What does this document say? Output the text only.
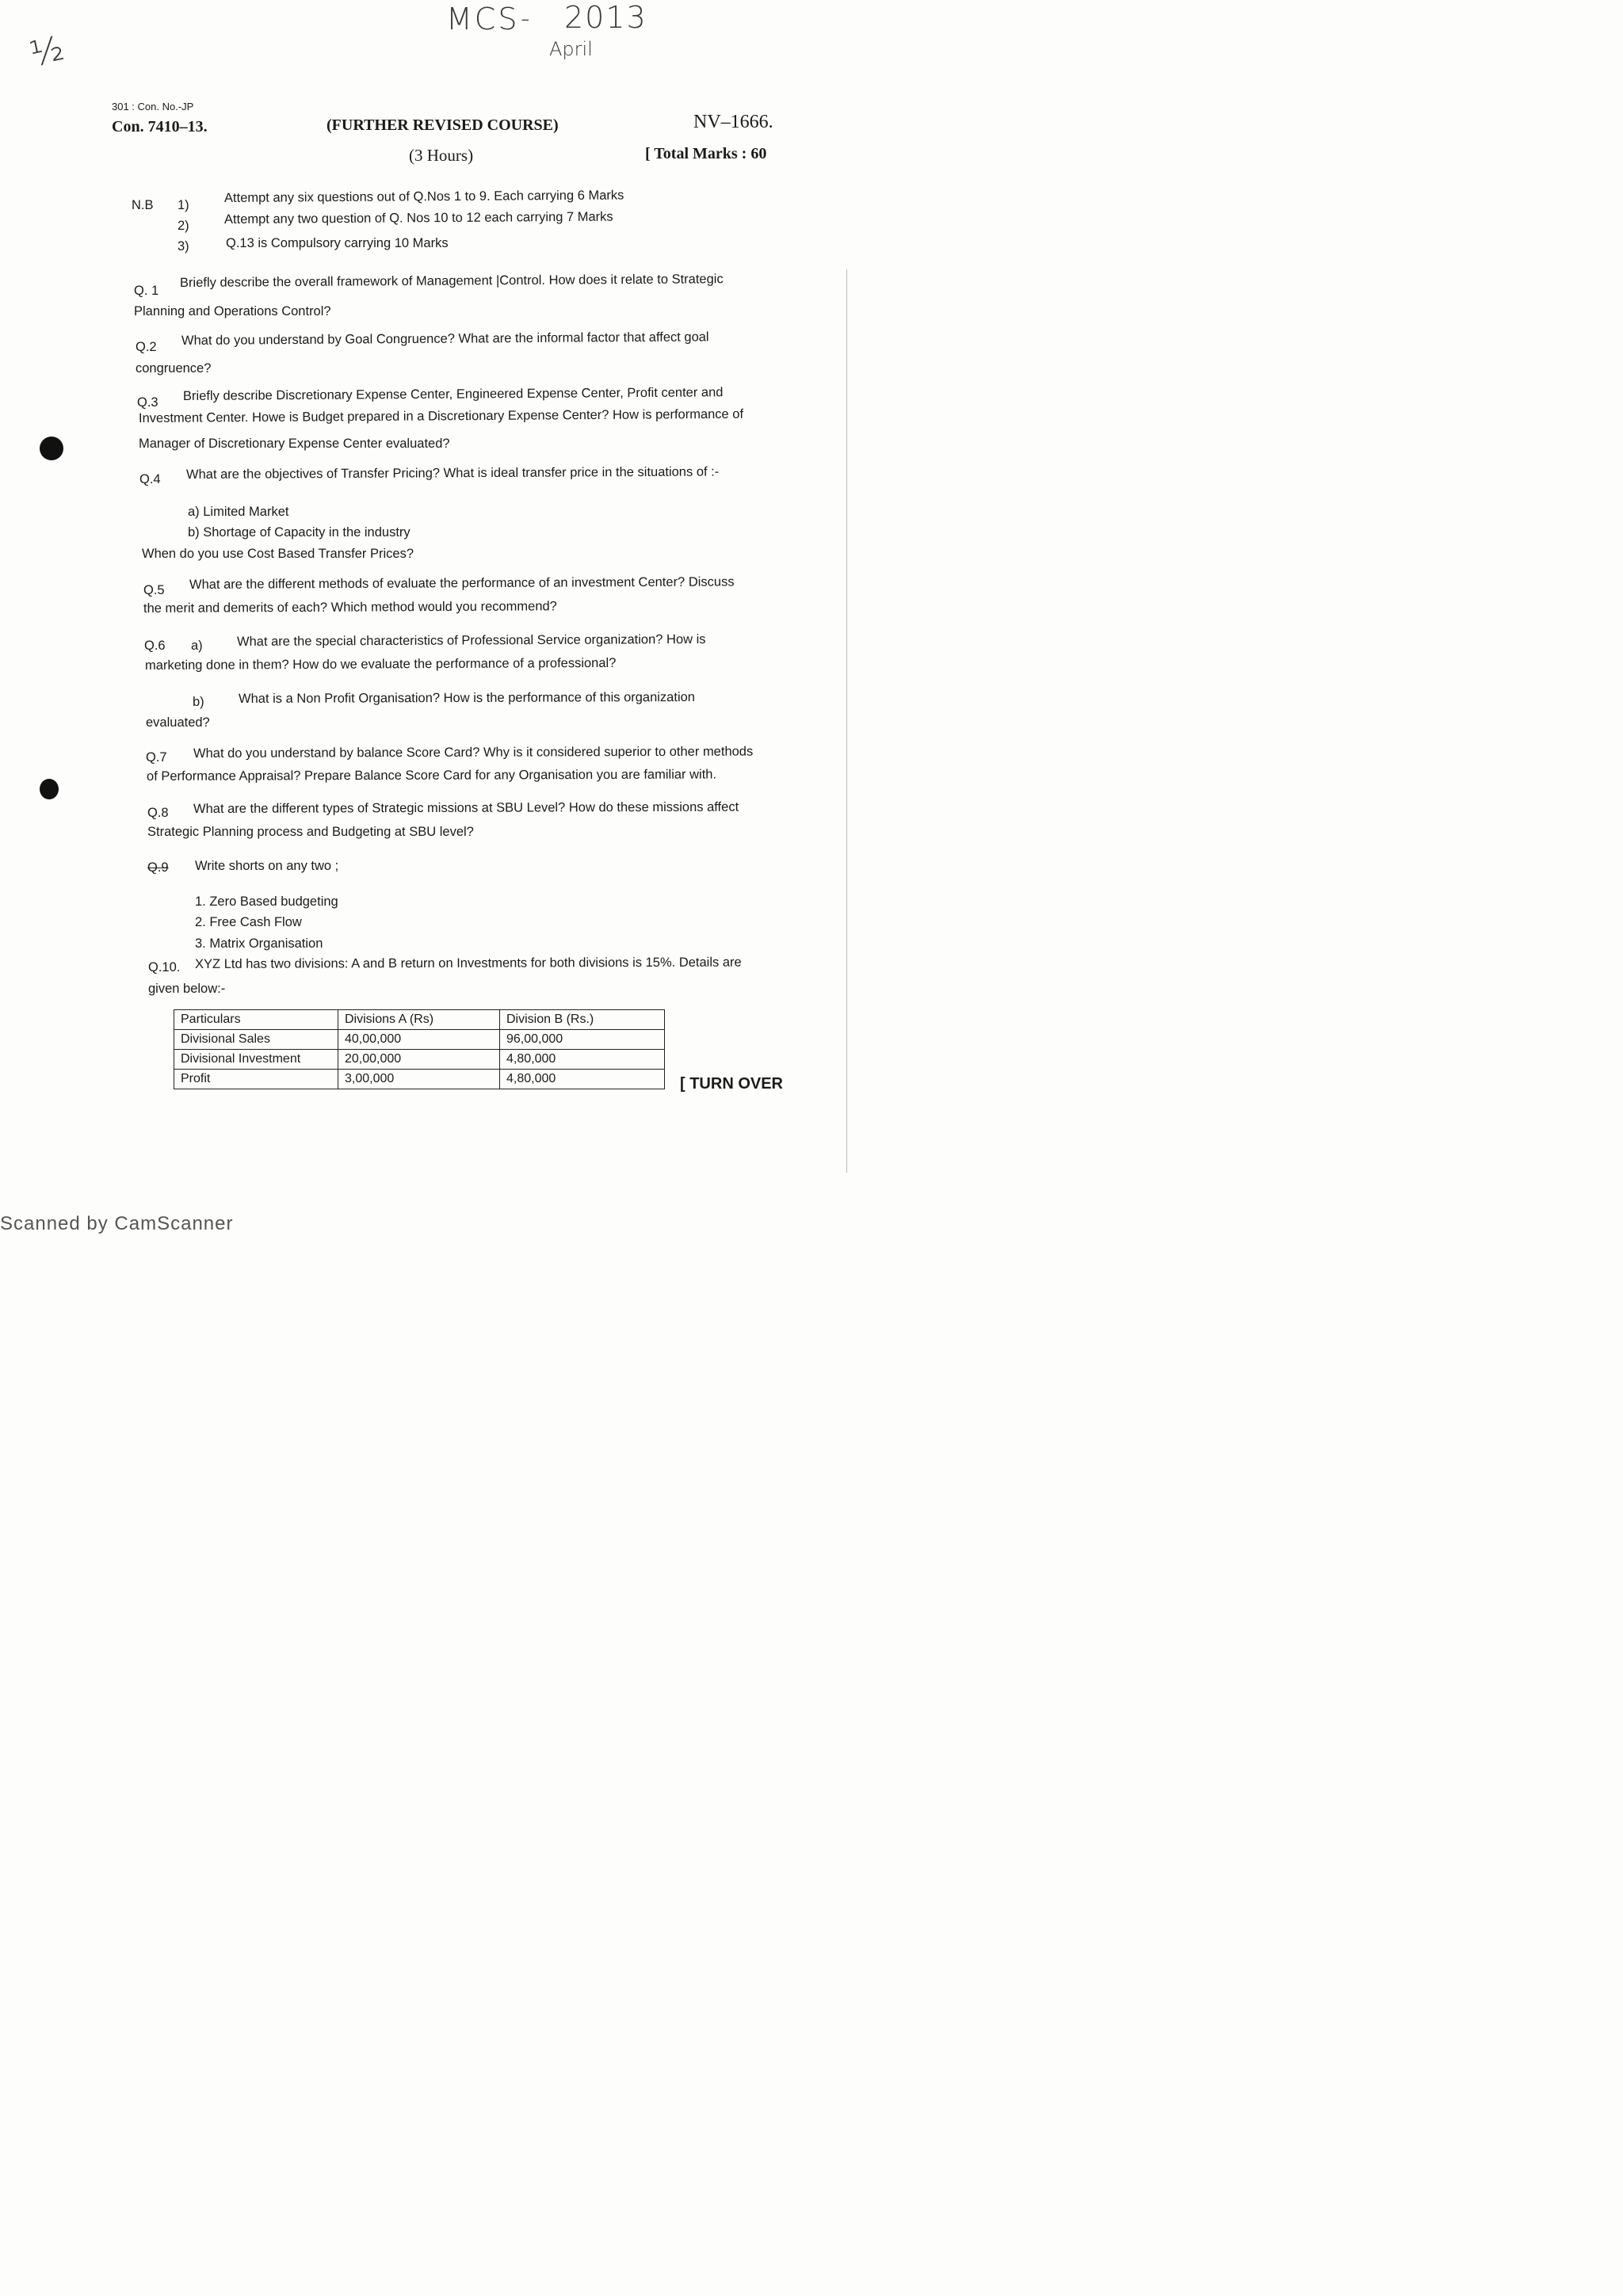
MCS - 2013
April
½
301 : Con. No.-JP
Con. 7410–13.	(FURTHER REVISED COURSE)	NV–1666.
(3 Hours)	[ Total Marks : 60
N.B 1)
Attempt any six questions out of Q.Nos 1 to 9. Each carrying 6 Marks
2)	Attempt any two question of Q. Nos 10 to 12 each carrying 7 Marks
3)	Q.13 is Compulsory carrying 10 Marks
Q. 1
Briefly describe the overall framework of Management |Control. How does it relate to Strategic
Planning and Operations Control?
Q.2 What do you understand by Goal Congruence? What are the informal factor that affect goal
congruence?
Q.3 Briefly describe Discretionary Expense Center, Engineered Expense Center, Profit center and
Investment Center. Howe is Budget prepared in a Discretionary Expense Center? How is performance of
Manager of Discretionary Expense Center evaluated?
Q.4 What are the objectives of Transfer Pricing? What is ideal transfer price in the situations of :-
a) Limited Market
b) Shortage of Capacity in the industry
When do you use Cost Based Transfer Prices?
Q.5 What are the different methods of evaluate the performance of an investment Center? Discuss
the merit and demerits of each? Which method would you recommend?
Q.6 a)	What are the special characteristics of Professional Service organization? How is
marketing done in them? How do we evaluate the performance of a professional?
b)	What is a Non Profit Organisation? How is the performance of this organization
evaluated?
Q.7 What do you understand by balance Score Card? Why is it considered superior to other methods
of Performance Appraisal? Prepare Balance Score Card for any Organisation you are familiar with.
Q.8 What are the different types of Strategic missions at SBU Level? How do these missions affect
Strategic Planning process and Budgeting at SBU level?
Q.9 Write shorts on any two ;
1. Zero Based budgeting
2. Free Cash Flow
3. Matrix Organisation
Q.10. XYZ Ltd has two divisions: A and B return on Investments for both divisions is 15%. Details are
given below:-
Particulars	Divisions A (Rs)	Division B (Rs.)
Divisional Sales	40,00,000	96,00,000
Divisional Investment	20,00,000	4,80,000
Profit	3,00,000	4,80,000	[ TURN OVER
Scanned by CamScanner
